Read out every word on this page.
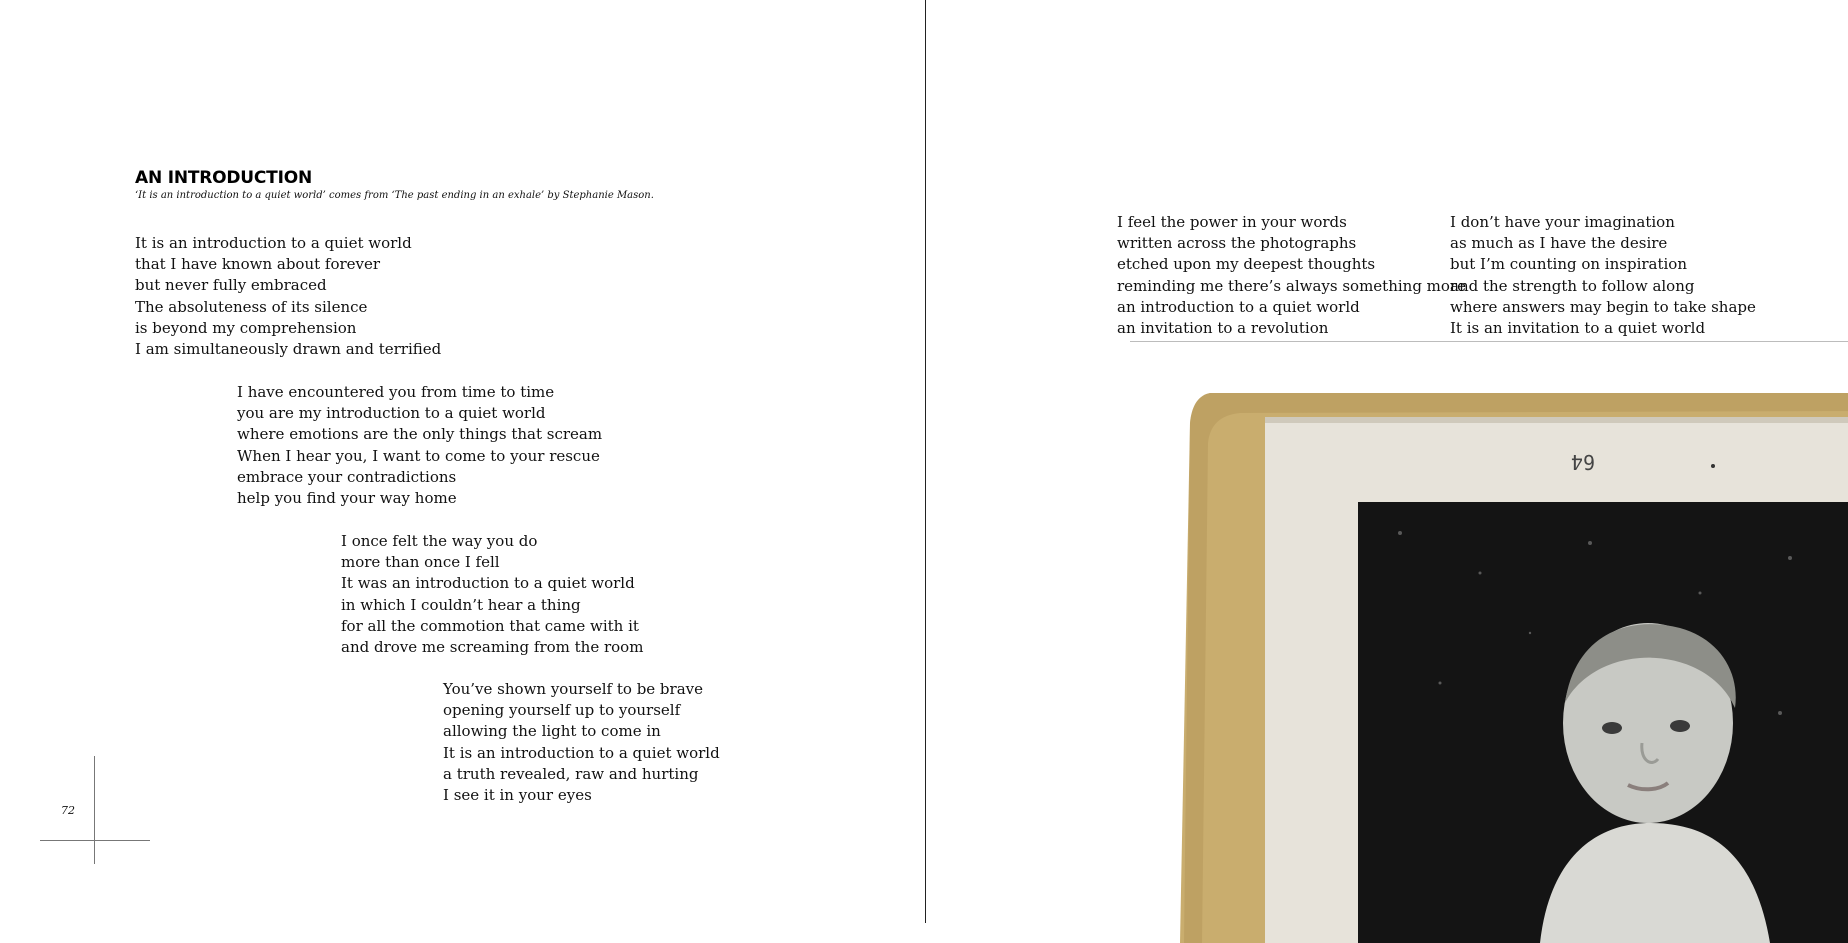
AN INTRODUCTION

‘It is an introduction to a quiet world’ comes from ‘The past ending in an exhale’ by Stephanie Mason.

It is an introduction to a quiet world
that I have known about forever
but never fully embraced
The absoluteness of its silence
is beyond my comprehension
I am simultaneously drawn and terrified
I have encountered you from time to time
you are my introduction to a quiet world
where emotions are the only things that scream
When I hear you, I want to come to your rescue
embrace your contradictions
help you find your way home
I once felt the way you do
more than once I fell
It was an introduction to a quiet world
in which I couldn’t hear a thing
for all the commotion that came with it
and drove me screaming from the room
You’ve shown yourself to be brave
opening yourself up to yourself
allowing the light to come in
It is an introduction to a quiet world
a truth revealed, raw and hurting
I see it in your eyes
72
I feel the power in your words
written across the photographs
etched upon my deepest thoughts
reminding me there’s always something more
an introduction to a quiet world
an invitation to a revolution
I don’t have your imagination
as much as I have the desire
but I’m counting on inspiration
and the strength to follow along
where answers may begin to take shape
It is an invitation to a quiet world
64
